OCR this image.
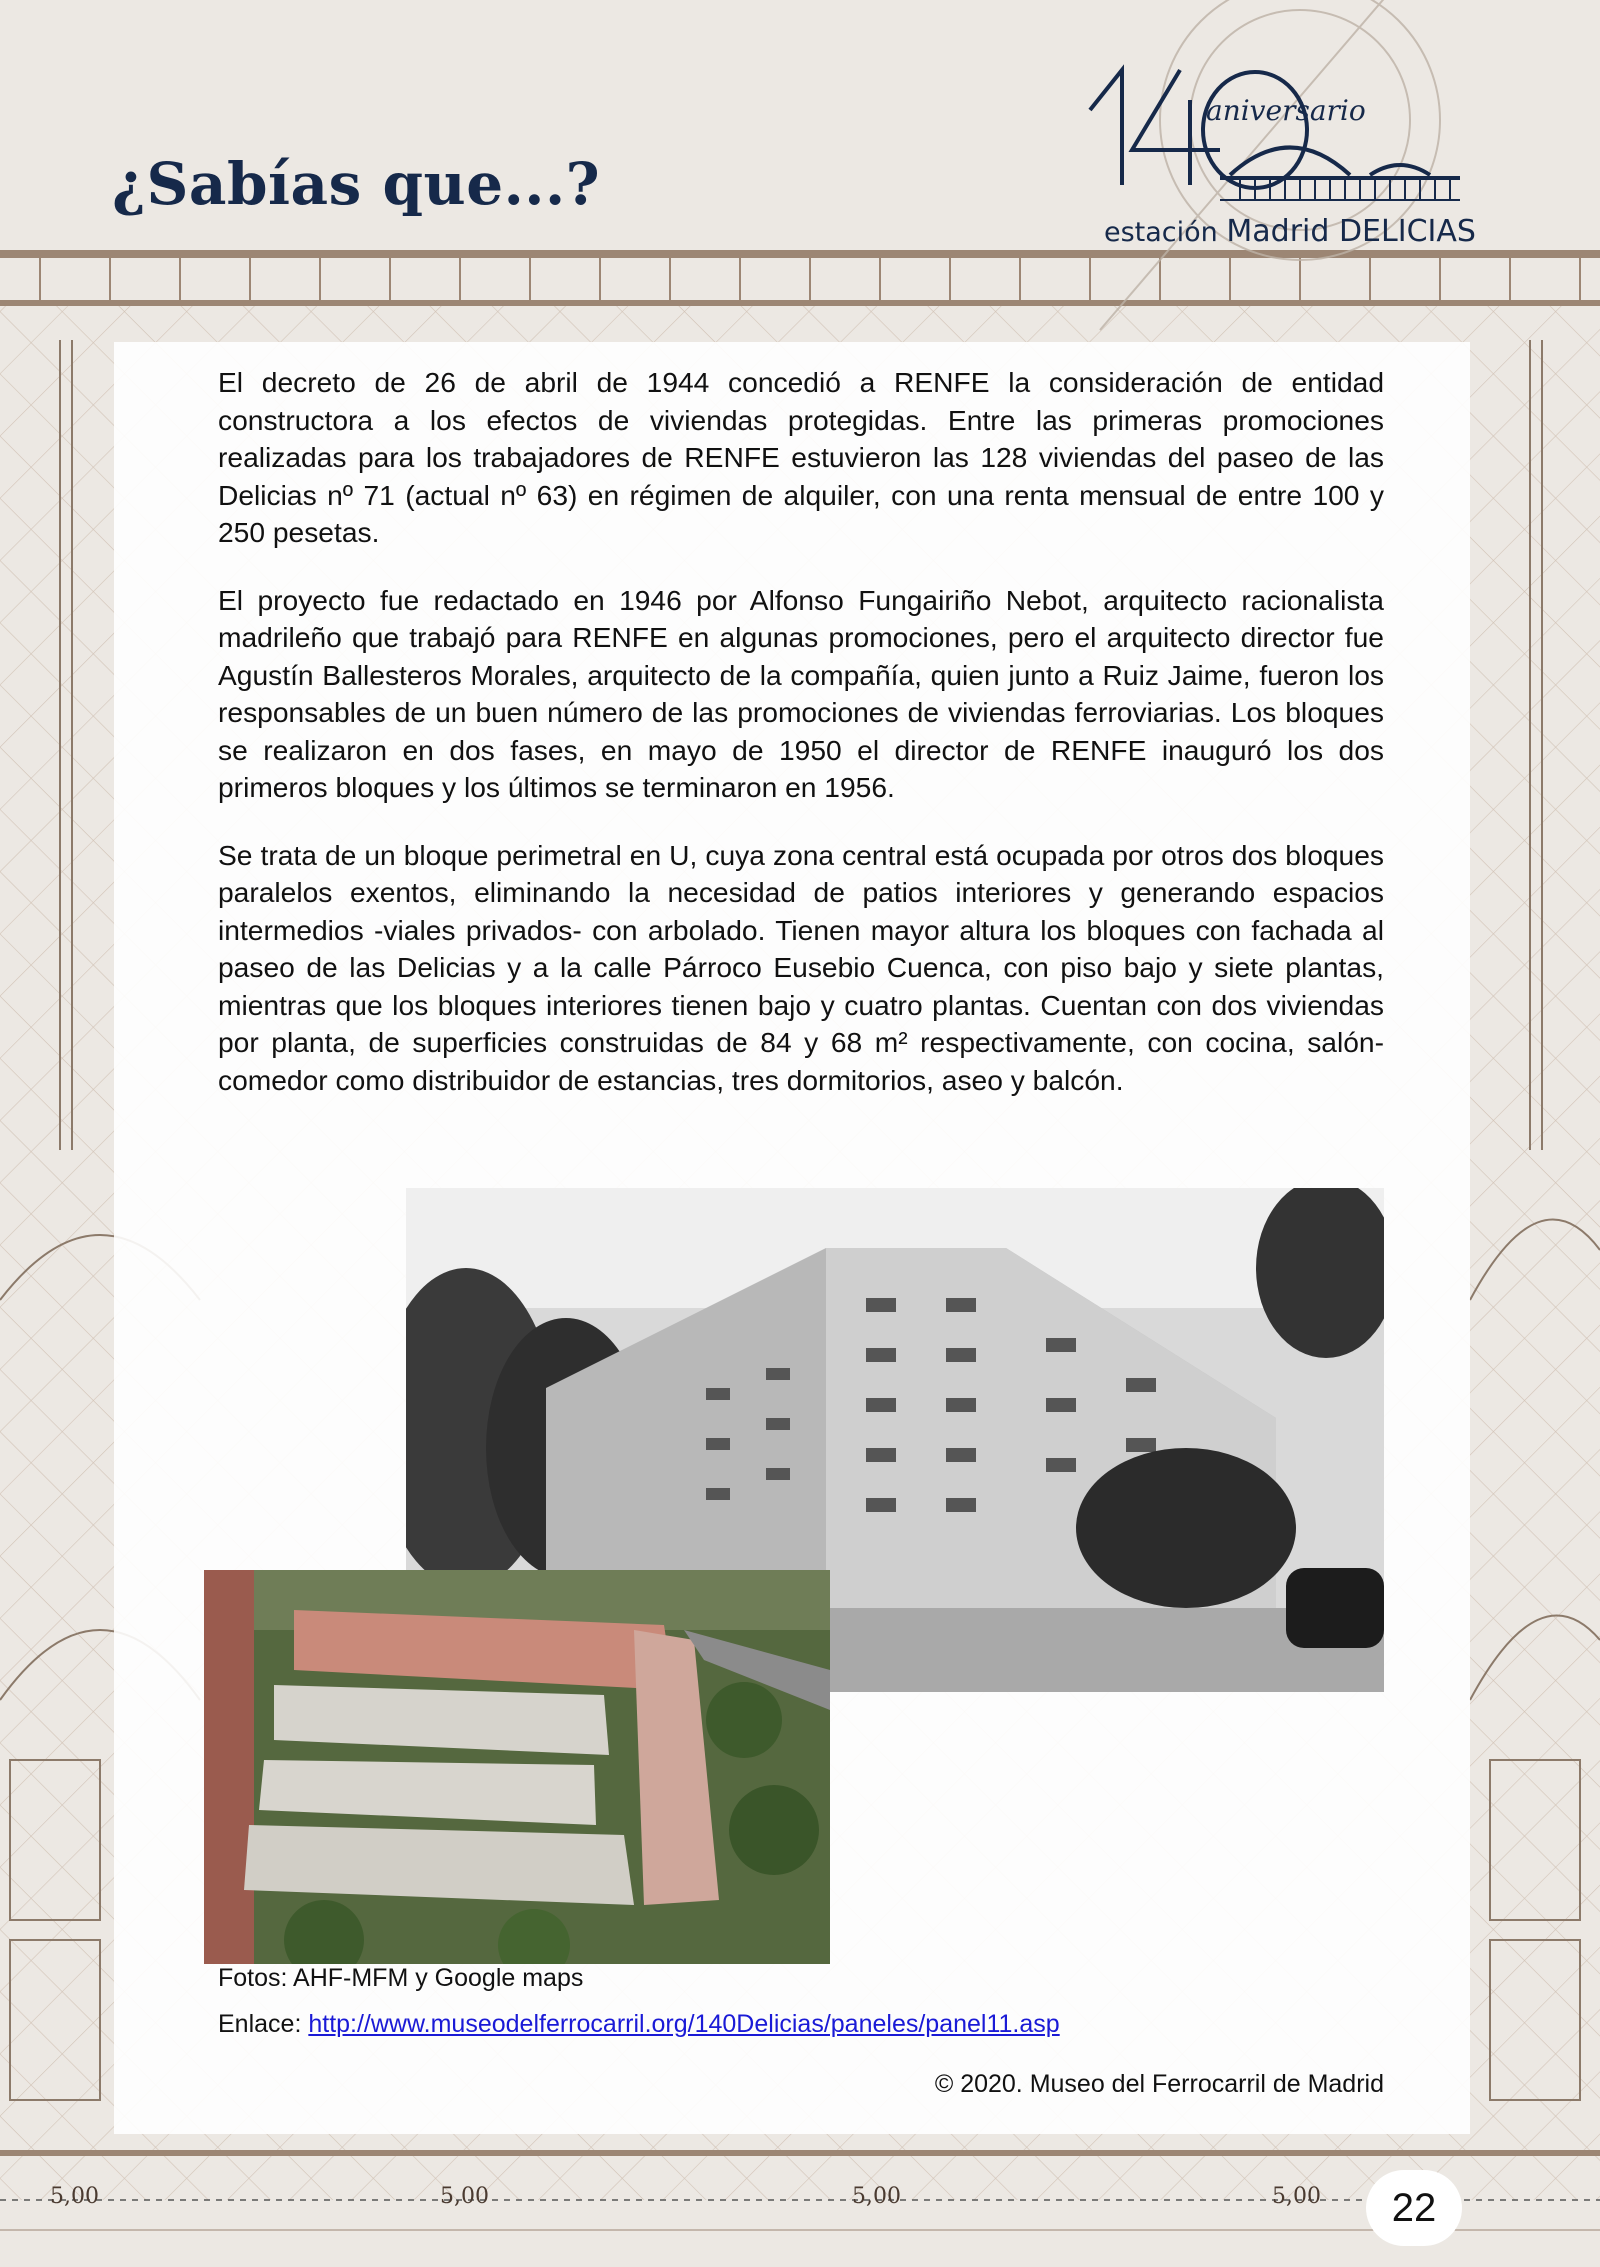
¿Sabías que...?
aniversario
estación Madrid DELICIAS

El decreto de 26 de abril de 1944 concedió a RENFE la consideración de entidad constructora a los efectos de viviendas protegidas. Entre las primeras promociones realizadas para los trabajadores de RENFE estuvieron las 128 viviendas del paseo de las Delicias nº 71 (actual nº 63) en régimen de alquiler, con una renta mensual de entre 100 y 250 pesetas.

El proyecto fue redactado en 1946 por Alfonso Fungairiño Nebot, arquitecto racionalista madrileño que trabajó para RENFE en algunas promociones, pero el arquitecto director fue Agustín Ballesteros Morales, arquitecto de la compañía, quien junto a Ruiz Jaime, fueron los responsables de un buen número de las promociones de viviendas ferroviarias. Los bloques se realizaron en dos fases, en mayo de 1950 el director de RENFE inauguró los dos primeros bloques y los últimos se terminaron en 1956.

Se trata de un bloque perimetral en U, cuya zona central está ocupada por otros dos bloques paralelos exentos, eliminando la necesidad de patios interiores y generando espacios intermedios -viales privados- con arbolado. Tienen mayor altura los bloques con fachada al paseo de las Delicias y a la calle Párroco Eusebio Cuenca, con piso bajo y siete plantas, mientras que los bloques interiores tienen bajo y cuatro plantas. Cuentan con dos viviendas por planta, de superficies construidas de 84 y 68 m² respectivamente, con cocina, salón-comedor como distribuidor de estancias, tres dormitorios, aseo y balcón.

Fotos: AHF-MFM y Google maps
Enlace: http://www.museodelferrocarril.org/140Delicias/paneles/panel11.asp
© 2020. Museo del Ferrocarril de Madrid
5,00	5,00	5,00	5,00	22
